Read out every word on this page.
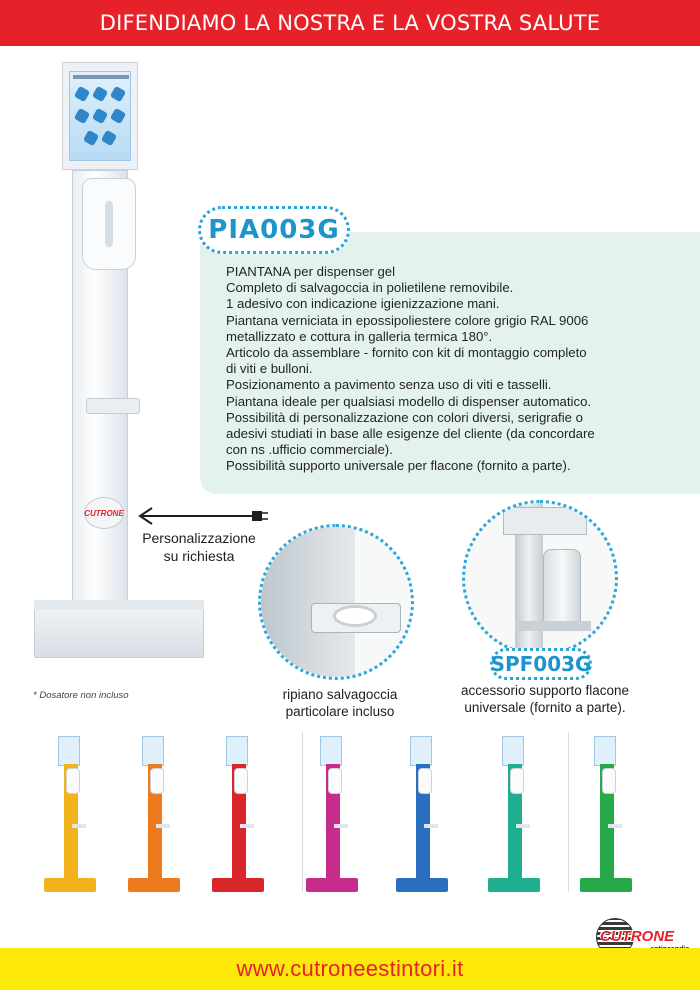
DIFENDIAMO LA NOSTRA E LA VOSTRA SALUTE
CUTRONE
Personalizzazione
su richiesta
* Dosatore non incluso
PIA003G
PIANTANA per dispenser gel
Completo di salvagoccia in polietilene removibile.
1 adesivo con indicazione igienizzazione mani.
Piantana verniciata in epossipoliestere colore grigio RAL 9006
metallizzato e cottura in galleria termica 180°.
Articolo da assemblare - fornito con kit di montaggio completo
di viti e bulloni.
Posizionamento a pavimento senza uso di viti e tasselli.
Piantana ideale per qualsiasi modello di dispenser automatico.
Possibilità di personalizzazione con colori diversi, serigrafie o
adesivi studiati in base alle esigenze del cliente (da concordare
con ns .ufficio commerciale).
Possibilità supporto universale per flacone (fornito a parte).
SPF003G
ripiano salvagoccia
particolare incluso
accessorio supporto flacone
universale (fornito a parte).
CUTRONE
www.cutroneestintori.it
